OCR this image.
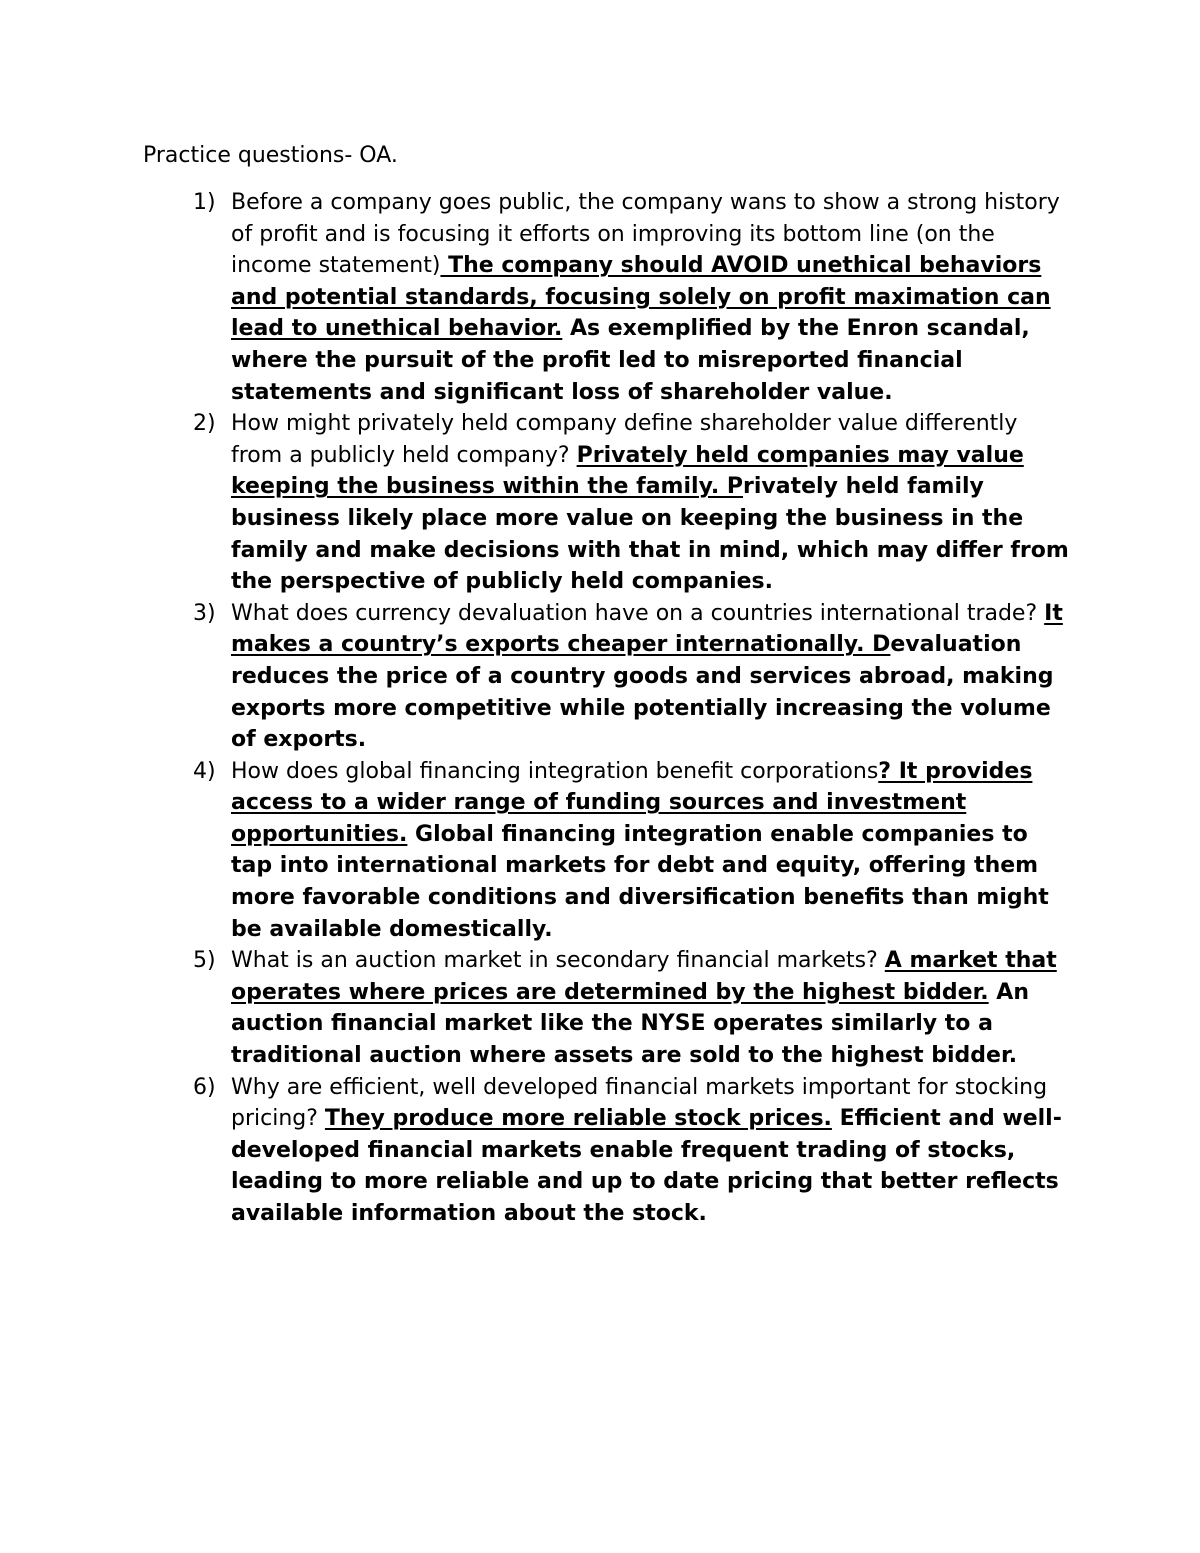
Practice questions- OA.
1) Before a company goes public, the company wans to show a strong history of profit and is focusing it efforts on improving its bottom line (on the income statement) The company should AVOID unethical behaviors and potential standards, focusing solely on profit maximation can lead to unethical behavior. As exemplified by the Enron scandal, where the pursuit of the profit led to misreported financial statements and significant loss of shareholder value.
2) How might privately held company define shareholder value differently from a publicly held company? Privately held companies may value keeping the business within the family. Privately held family business likely place more value on keeping the business in the family and make decisions with that in mind, which may differ from the perspective of publicly held companies.
3) What does currency devaluation have on a countries international trade? It makes a country’s exports cheaper internationally. Devaluation reduces the price of a country goods and services abroad, making exports more competitive while potentially increasing the volume of exports.
4) How does global financing integration benefit corporations? It provides access to a wider range of funding sources and investment opportunities. Global financing integration enable companies to tap into international markets for debt and equity, offering them more favorable conditions and diversification benefits than might be available domestically.
5) What is an auction market in secondary financial markets? A market that operates where prices are determined by the highest bidder. An auction financial market like the NYSE operates similarly to a traditional auction where assets are sold to the highest bidder.
6) Why are efficient, well developed financial markets important for stocking pricing? They produce more reliable stock prices. Efficient and well-developed financial markets enable frequent trading of stocks, leading to more reliable and up to date pricing that better reflects available information about the stock.
